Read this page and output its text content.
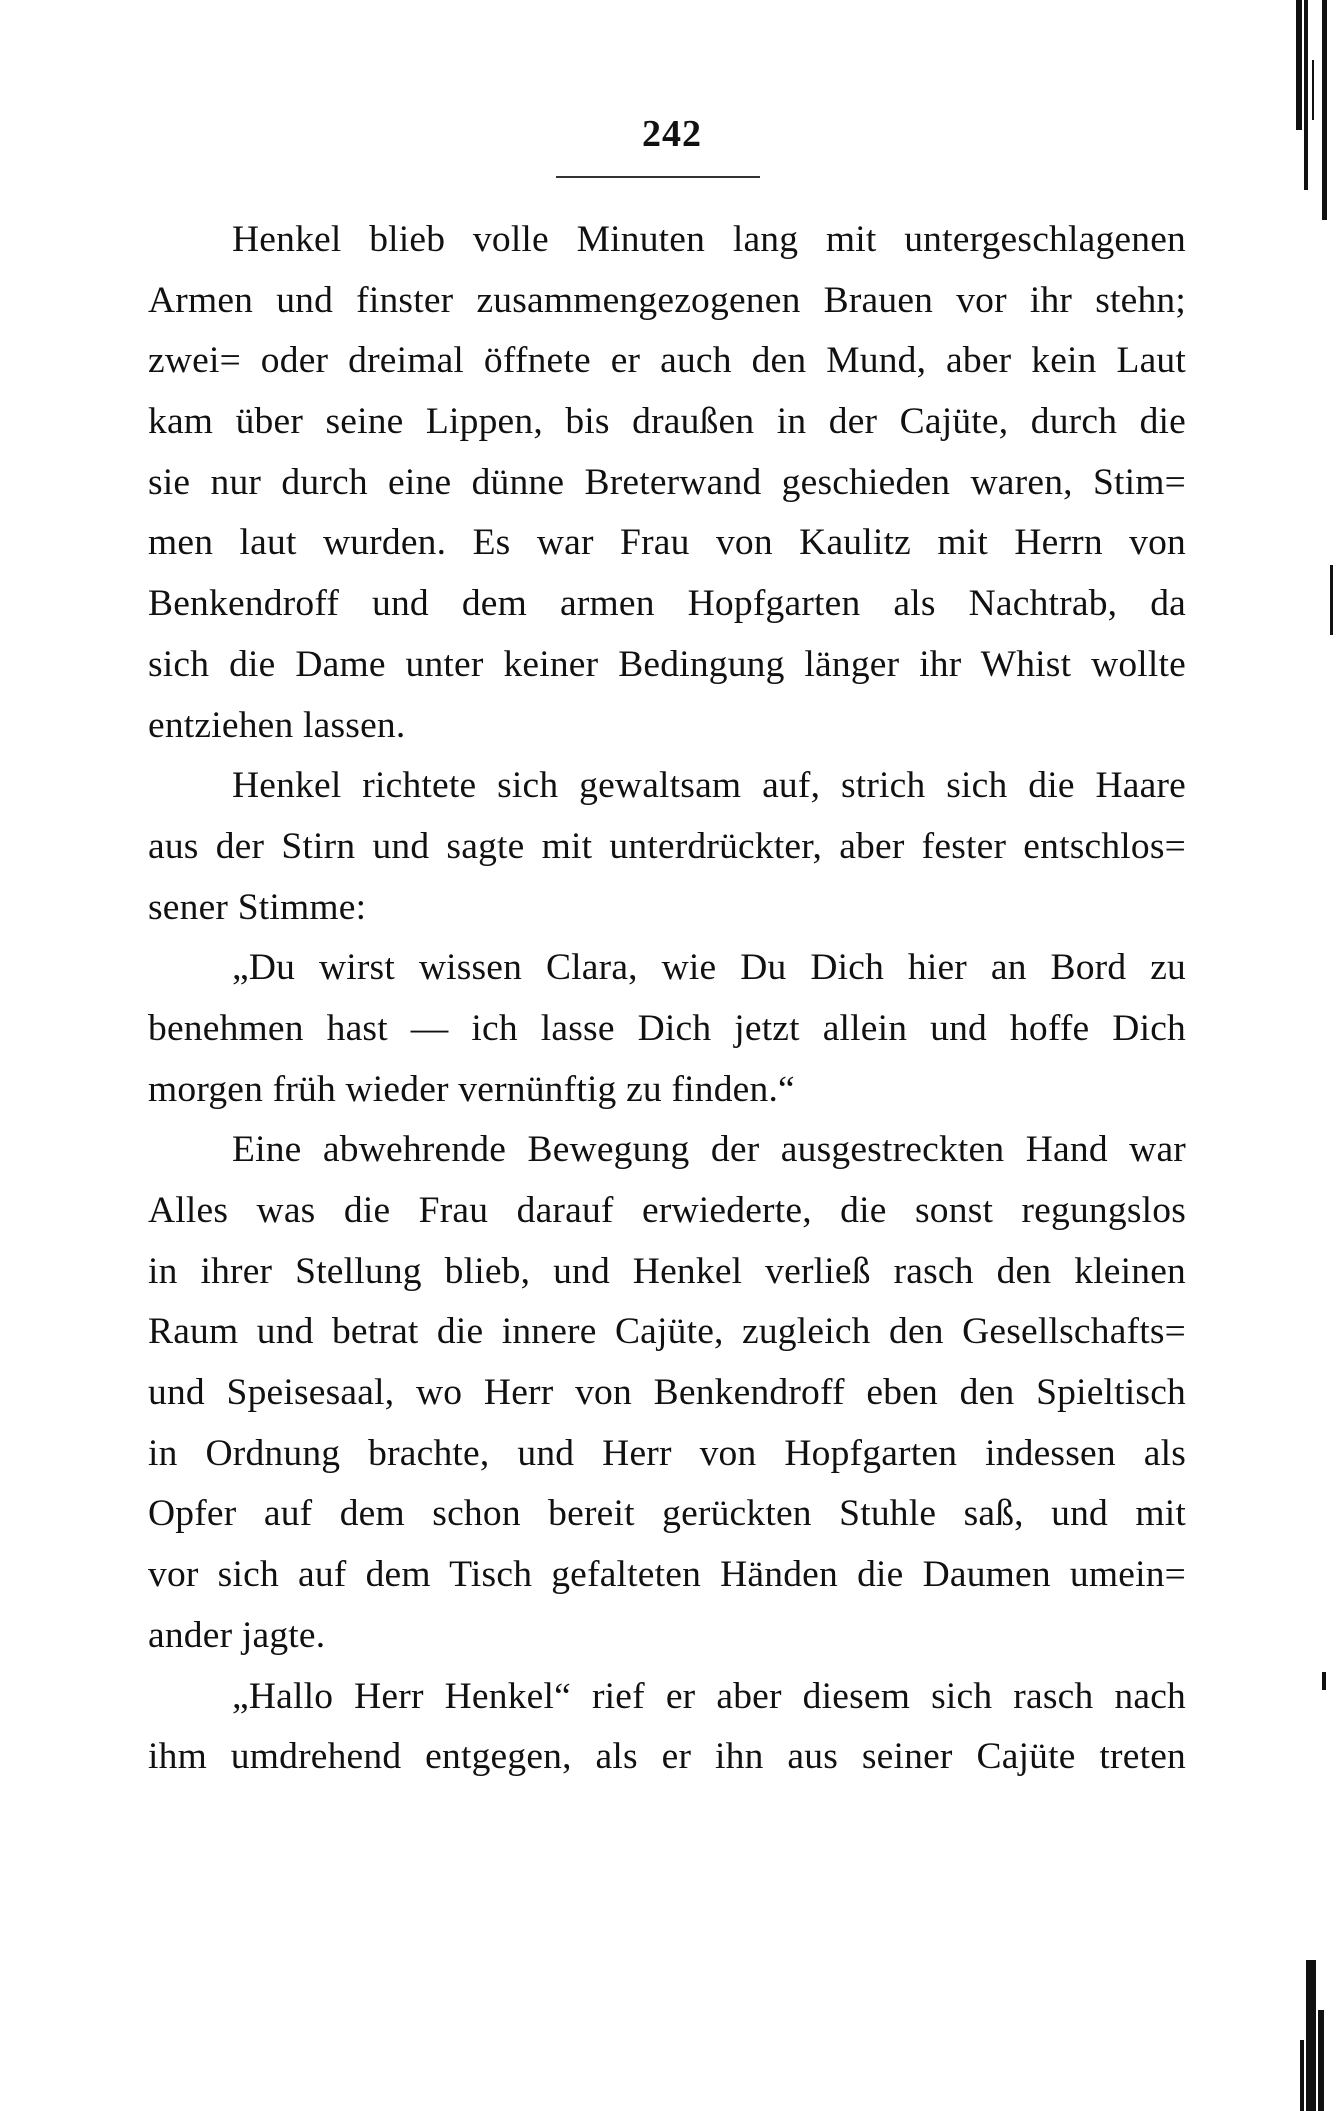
242
Henkel blieb volle Minuten lang mit untergeschlagenen
Armen und finster zusammengezogenen Brauen vor ihr stehn;
zwei= oder dreimal öffnete er auch den Mund, aber kein Laut
kam über seine Lippen, bis draußen in der Cajüte, durch die
sie nur durch eine dünne Breterwand geschieden waren, Stim=
men laut wurden. Es war Frau von Kaulitz mit Herrn von
Benkendroff und dem armen Hopfgarten als Nachtrab, da
sich die Dame unter keiner Bedingung länger ihr Whist wollte
entziehen lassen.
Henkel richtete sich gewaltsam auf, strich sich die Haare
aus der Stirn und sagte mit unterdrückter, aber fester entschlos=
sener Stimme:
„Du wirst wissen Clara, wie Du Dich hier an Bord zu
benehmen hast — ich lasse Dich jetzt allein und hoffe Dich
morgen früh wieder vernünftig zu finden.“
Eine abwehrende Bewegung der ausgestreckten Hand war
Alles was die Frau darauf erwiederte, die sonst regungslos
in ihrer Stellung blieb, und Henkel verließ rasch den kleinen
Raum und betrat die innere Cajüte, zugleich den Gesellschafts=
und Speisesaal, wo Herr von Benkendroff eben den Spieltisch
in Ordnung brachte, und Herr von Hopfgarten indessen als
Opfer auf dem schon bereit gerückten Stuhle saß, und mit
vor sich auf dem Tisch gefalteten Händen die Daumen umein=
ander jagte.
„Hallo Herr Henkel“ rief er aber diesem sich rasch nach
ihm umdrehend entgegen, als er ihn aus seiner Cajüte treten
